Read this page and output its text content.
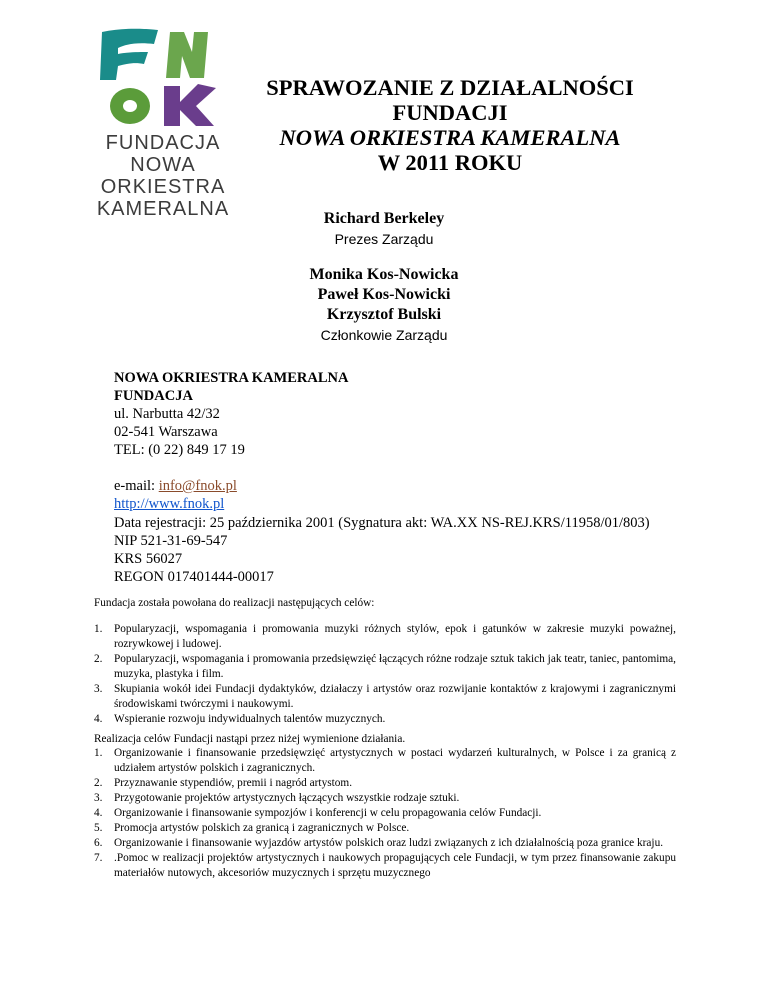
FUNDACJA
NOWA
ORKIESTRA
KAMERALNA
SPRAWOZANIE Z DZIAŁALNOŚCI
FUNDACJI
NOWA ORKIESTRA KAMERALNA
W 2011 ROKU
Richard Berkeley
Prezes Zarządu
Monika Kos-Nowicka
Paweł Kos-Nowicki
Krzysztof Bulski
Członkowie Zarządu
NOWA OKRIESTRA KAMERALNA
FUNDACJA
ul. Narbutta 42/32
02-541 Warszawa
TEL: (0 22) 849 17 19
e-mail: info@fnok.pl
http://www.fnok.pl
Data rejestracji: 25 października 2001 (Sygnatura akt: WA.XX NS-REJ.KRS/11958/01/803)
NIP 521-31-69-547
KRS 56027
REGON 017401444-00017
Fundacja została powołana do realizacji następujących celów:
1. Popularyzacji, wspomagania i promowania muzyki różnych stylów, epok i gatunków w zakresie muzyki poważnej, rozrywkowej i ludowej.
2. Popularyzacji, wspomagania i promowania przedsięwzięć łączących różne rodzaje sztuk takich jak teatr, taniec, pantomima, muzyka, plastyka i film.
3. Skupiania wokół idei Fundacji dydaktyków, działaczy i artystów oraz rozwijanie kontaktów z krajowymi i zagranicznymi środowiskami twórczymi i naukowymi.
4. Wspieranie rozwoju indywidualnych talentów muzycznych.
Realizacja celów Fundacji nastąpi przez niżej wymienione działania.
1. Organizowanie i finansowanie przedsięwzięć artystycznych w postaci wydarzeń kulturalnych, w Polsce i za granicą z udziałem artystów polskich i zagranicznych.
2. Przyznawanie stypendiów, premii i nagród artystom.
3. Przygotowanie projektów artystycznych łączących wszystkie rodzaje sztuki.
4. Organizowanie i finansowanie sympozjów i konferencji w celu propagowania celów Fundacji.
5. Promocja artystów polskich za granicą i zagranicznych w Polsce.
6. Organizowanie i finansowanie wyjazdów artystów polskich oraz ludzi związanych z ich działalnością poza granice kraju.
7. .Pomoc w realizacji projektów artystycznych i naukowych propagujących cele Fundacji, w tym przez finansowanie zakupu materiałów nutowych, akcesoriów muzycznych i sprzętu muzycznego
